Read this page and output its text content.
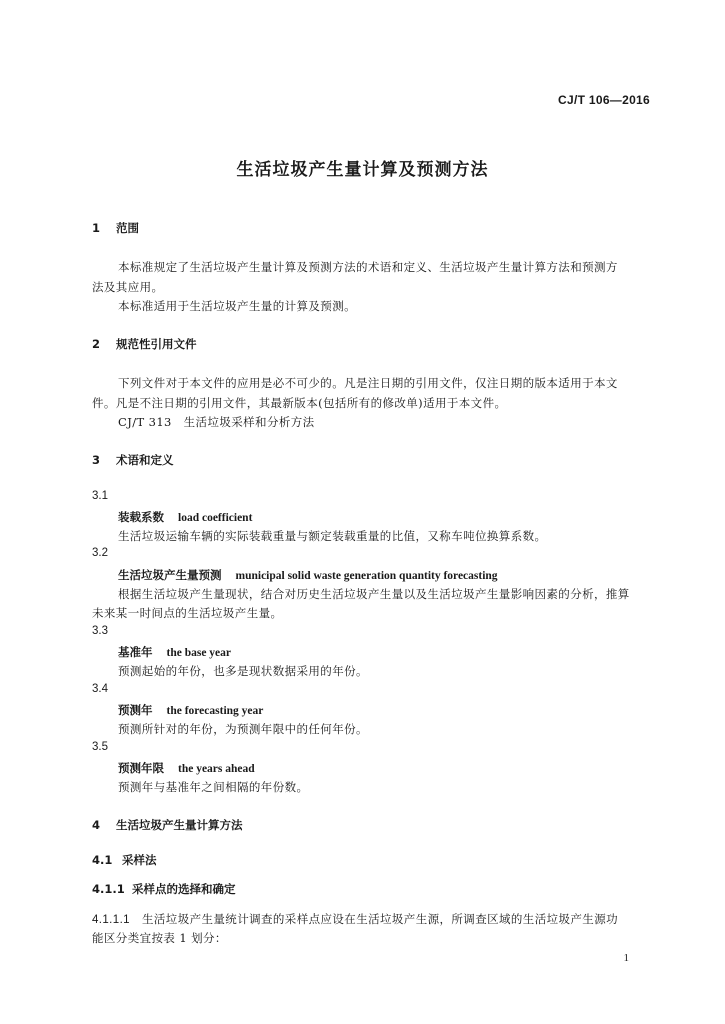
CJ/T 106—2016
生活垃圾产生量计算及预测方法
1 范围
本标准规定了生活垃圾产生量计算及预测方法的术语和定义、生活垃圾产生量计算方法和预测方
法及其应用。
本标准适用于生活垃圾产生量的计算及预测。
2 规范性引用文件
下列文件对于本文件的应用是必不可少的。凡是注日期的引用文件，仅注日期的版本适用于本文
件。凡是不注日期的引用文件，其最新版本(包括所有的修改单)适用于本文件。
CJ/T 313　生活垃圾采样和分析方法
3 术语和定义
3.1
装载系数 load coefficient
生活垃圾运输车辆的实际装载重量与额定装载重量的比值，又称车吨位换算系数。
3.2
生活垃圾产生量预测 municipal solid waste generation quantity forecasting
根据生活垃圾产生量现状，结合对历史生活垃圾产生量以及生活垃圾产生量影响因素的分析，推算
未来某一时间点的生活垃圾产生量。
3.3
基准年 the base year
预测起始的年份，也多是现状数据采用的年份。
3.4
预测年 the forecasting year
预测所针对的年份，为预测年限中的任何年份。
3.5
预测年限 the years ahead
预测年与基准年之间相隔的年份数。
4 生活垃圾产生量计算方法
4.1 采样法
4.1.1 采样点的选择和确定
4.1.1.1 生活垃圾产生量统计调查的采样点应设在生活垃圾产生源，所调查区域的生活垃圾产生源功
能区分类宜按表 1 划分：
1
